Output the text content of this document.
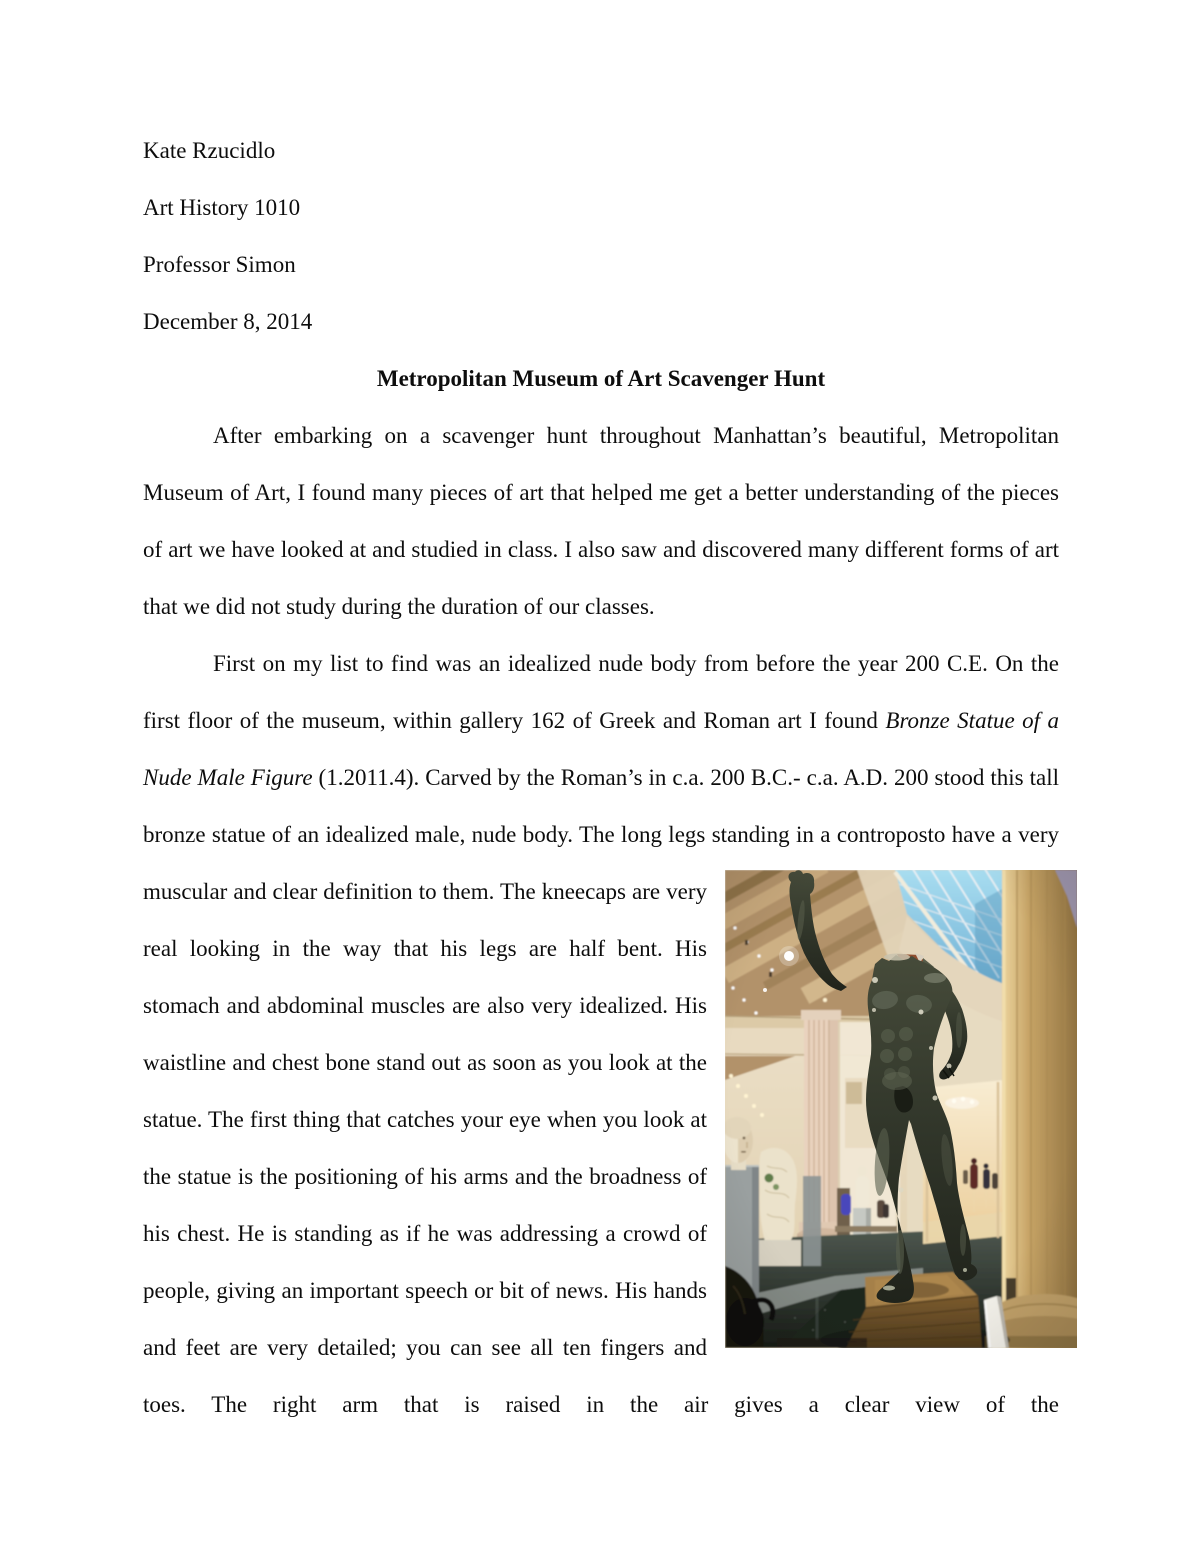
Kate Rzucidlo

Art History 1010

Professor Simon

December 8, 2014

Metropolitan Museum of Art Scavenger Hunt

After embarking on a scavenger hunt throughout Manhattan’s beautiful, Metropolitan Museum of Art, I found many pieces of art that helped me get a better understanding of the pieces of art we have looked at and studied in class. I also saw and discovered many different forms of art that we did not study during the duration of our classes.

First on my list to find was an idealized nude body from before the year 200 C.E. On the first floor of the museum, within gallery 162 of Greek and Roman art I found Bronze Statue of a Nude Male Figure (1.2011.4). Carved by the Roman’s in c.a. 200 B.C.- c.a. A.D. 200 stood this tall bronze statue of an idealized male, nude body. The long legs standing in a controposto have a
very muscular and clear definition to them. The kneecaps are very real looking in the way that his legs are half bent. His stomach and abdominal muscles are also very idealized. His waistline and chest bone stand out as soon as you look at the statue. The first thing that catches your eye when you look at the statue is the positioning of his arms and the broadness of his chest. He is standing as if he was addressing a crowd of people, giving an important speech or bit of news. His hands and feet are very detailed; you can see all ten fingers and toes. The right arm that is raised in the air gives a clear view of the
